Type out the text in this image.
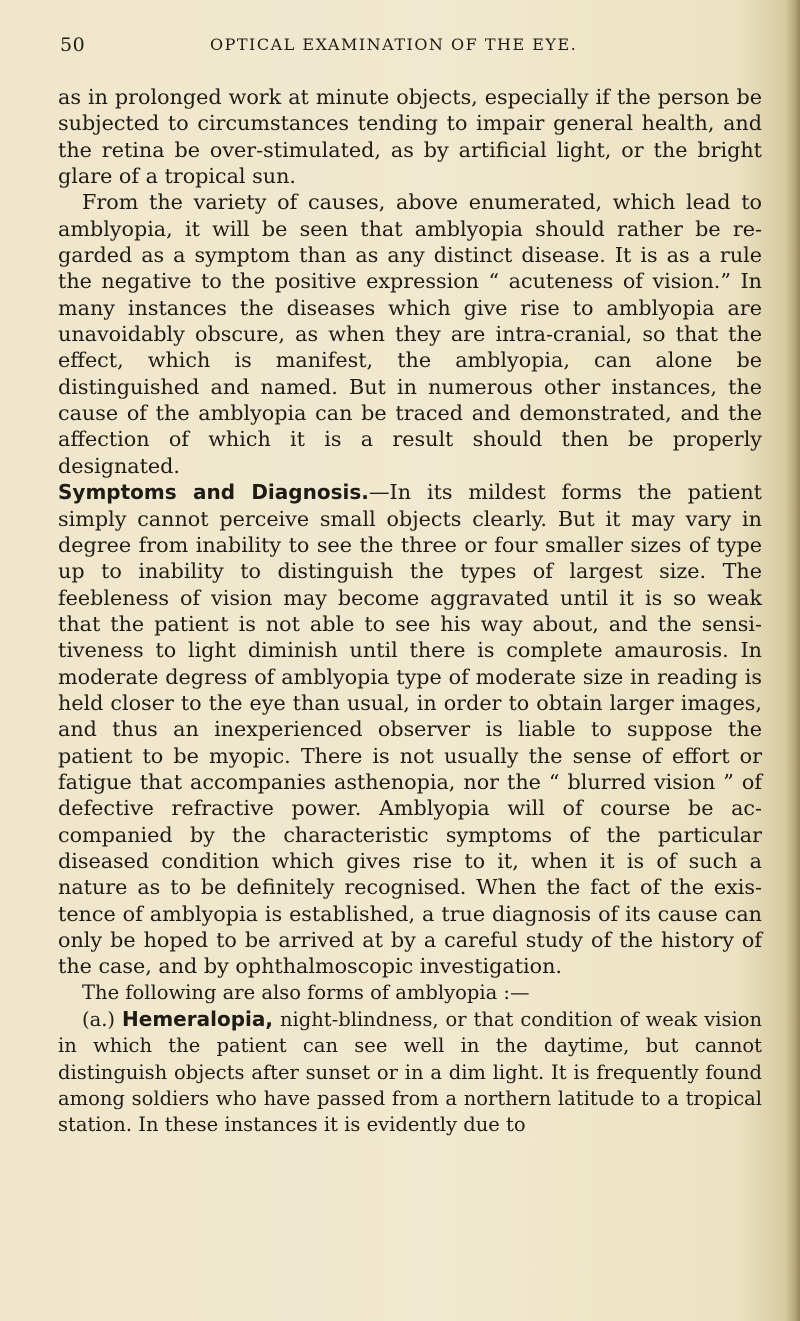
50	OPTICAL EXAMINATION OF THE EYE.

as in prolonged work at minute objects, especially if the person be subjected to circumstances tending to impair general health, and the retina be over-stimulated, as by artificial light, or the bright glare of a tropical sun.

From the variety of causes, above enumerated, which lead to amblyopia, it will be seen that amblyopia should rather be re-garded as a symptom than as any distinct disease. It is as a rule the negative to the positive expression “ acuteness of vision.” In many instances the diseases which give rise to amblyopia are unavoidably obscure, as when they are intra-cranial, so that the effect, which is manifest, the amblyopia, can alone be distinguished and named. But in numerous other instances, the cause of the amblyopia can be traced and demonstrated, and the affection of which it is a result should then be properly designated.

Symptoms and Diagnosis.—In its mildest forms the patient simply cannot perceive small objects clearly. But it may vary in degree from inability to see the three or four smaller sizes of type up to inability to distinguish the types of largest size. The feebleness of vision may become aggravated until it is so weak that the patient is not able to see his way about, and the sensi-tiveness to light diminish until there is complete amaurosis. In moderate degress of amblyopia type of moderate size in reading is held closer to the eye than usual, in order to obtain larger images, and thus an inexperienced observer is liable to suppose the patient to be myopic. There is not usually the sense of effort or fatigue that accompanies asthenopia, nor the “ blurred vision ” of defective refractive power. Amblyopia will of course be ac-companied by the characteristic symptoms of the particular diseased condition which gives rise to it, when it is of such a nature as to be definitely recognised. When the fact of the exis-tence of amblyopia is established, a true diagnosis of its cause can only be hoped to be arrived at by a careful study of the history of the case, and by ophthalmoscopic investigation.

The following are also forms of amblyopia :—

(a.) Hemeralopia, night-blindness, or that condition of weak vision in which the patient can see well in the daytime, but cannot distinguish objects after sunset or in a dim light. It is frequently found among soldiers who have passed from a northern latitude to a tropical station. In these instances it is evidently due to
